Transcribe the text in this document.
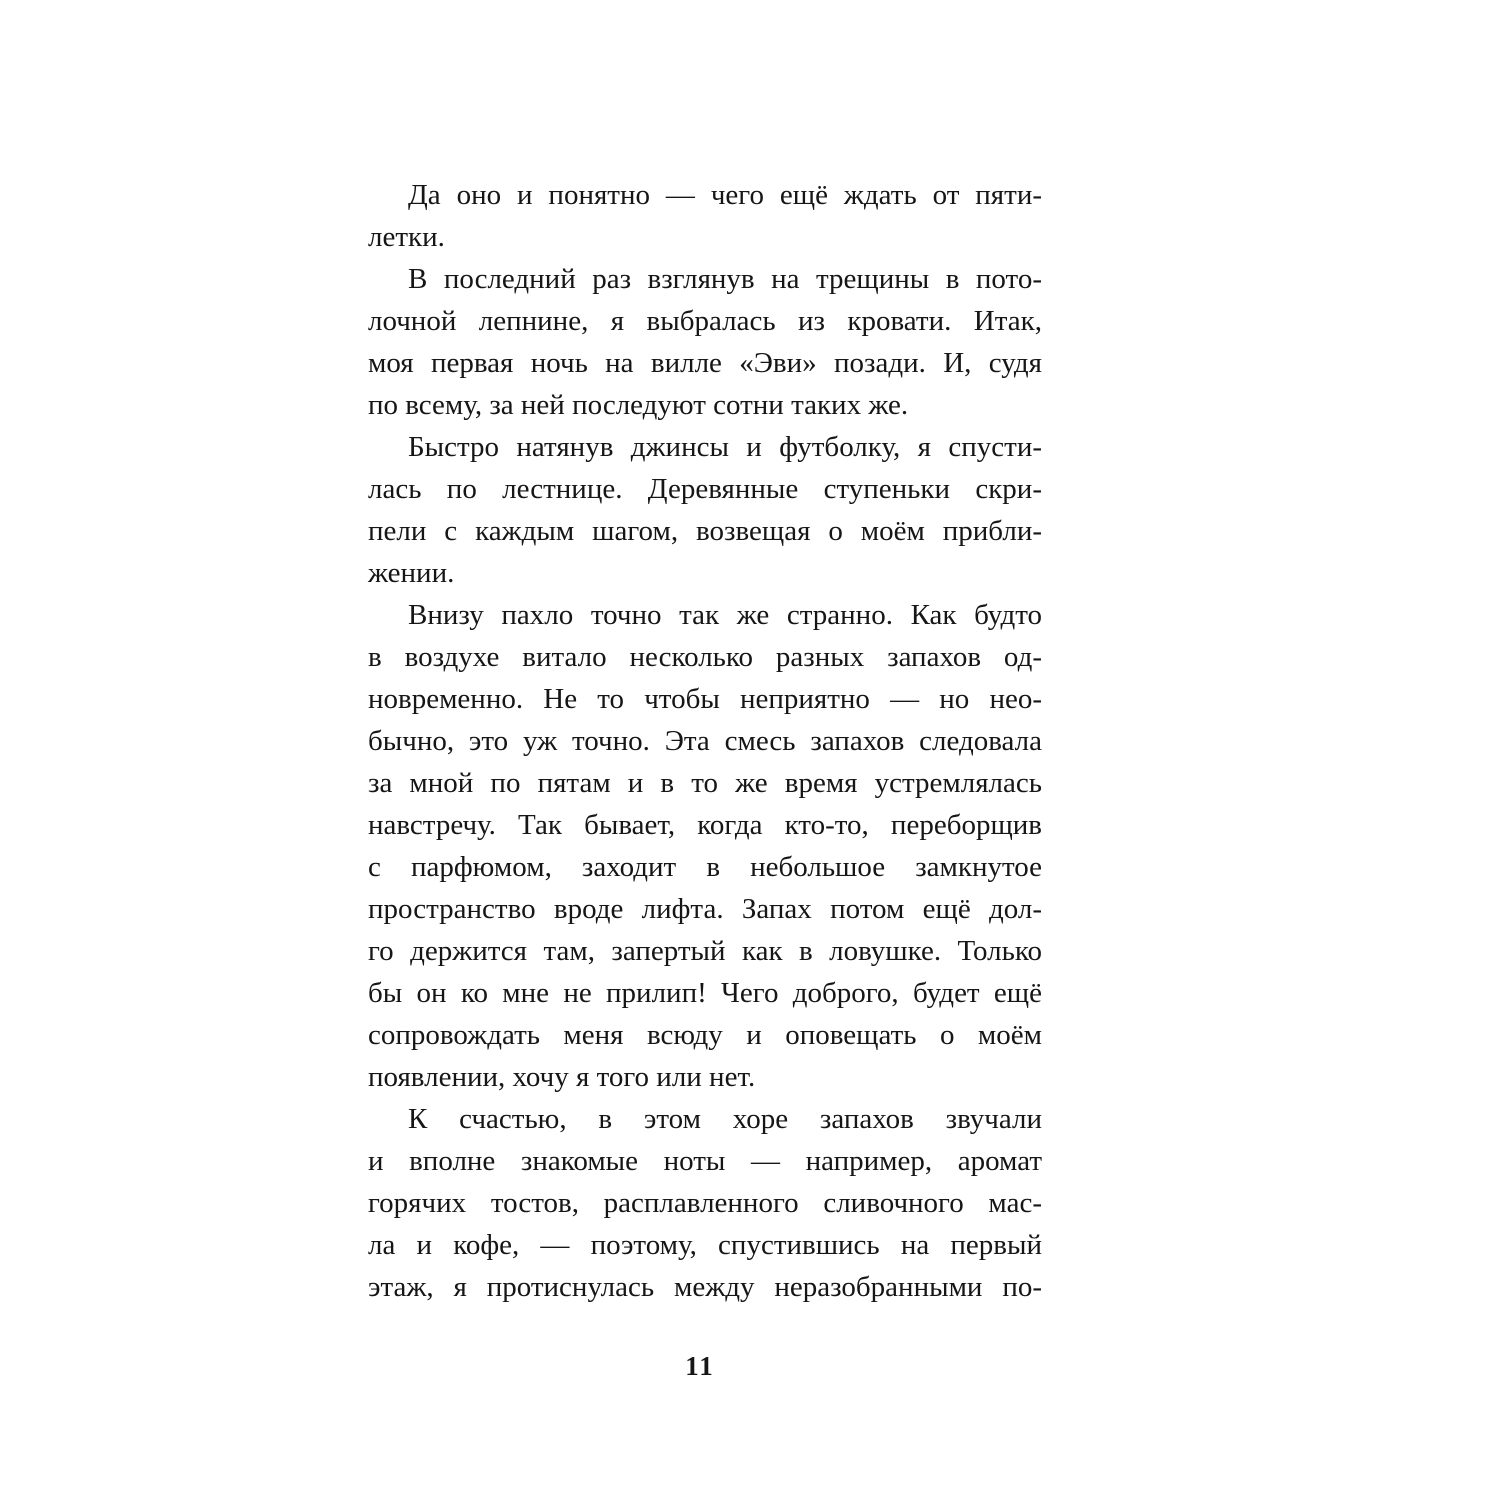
Да оно и понятно — чего ещё ждать от пяти-
летки.
В последний раз взглянув на трещины в пото-
лочной лепнине, я выбралась из кровати. Итак,
моя первая ночь на вилле «Эви» позади. И, судя
по всему, за ней последуют сотни таких же.
Быстро натянув джинсы и футболку, я спусти-
лась по лестнице. Деревянные ступеньки скри-
пели с каждым шагом, возвещая о моём прибли-
жении.
Внизу пахло точно так же странно. Как будто
в воздухе витало несколько разных запахов од-
новременно. Не то чтобы неприятно — но нео-
бычно, это уж точно. Эта смесь запахов следовала
за мной по пятам и в то же время устремлялась
навстречу. Так бывает, когда кто-то, переборщив
с парфюмом, заходит в небольшое замкнутое
пространство вроде лифта. Запах потом ещё дол-
го держится там, запертый как в ловушке. Только
бы он ко мне не прилип! Чего доброго, будет ещё
сопровождать меня всюду и оповещать о моём
появлении, хочу я того или нет.
К счастью, в этом хоре запахов звучали
и вполне знакомые ноты — например, аромат
горячих тостов, расплавленного сливочного мас-
ла и кофе, — поэтому, спустившись на первый
этаж, я протиснулась между неразобранными по-
11
